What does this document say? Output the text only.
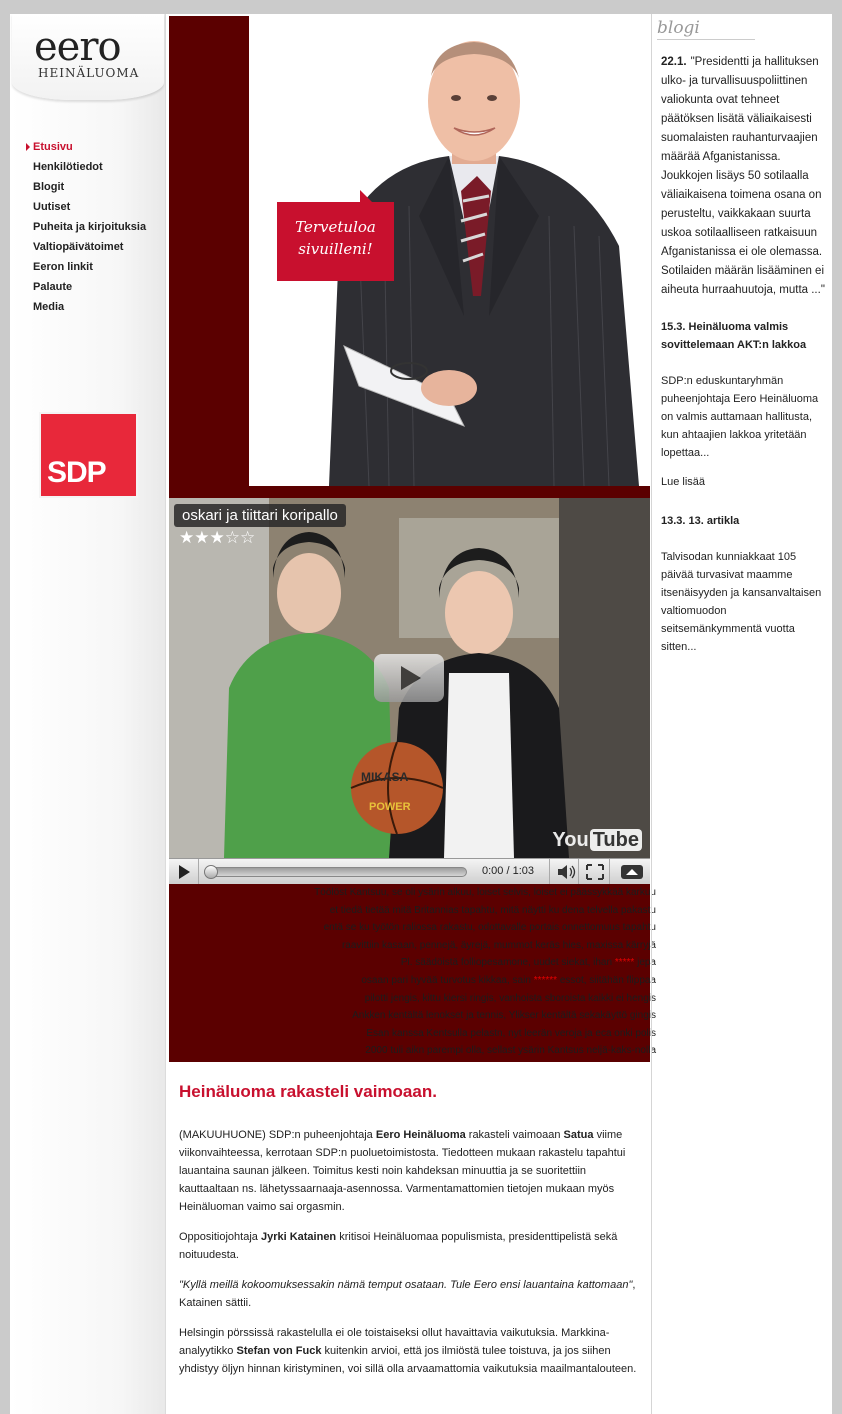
eero
HEINÄLUOMA
Etusivu
Henkilötiedot
Blogit
Uutiset
Puheita ja kirjoituksia
Valtiopäivätoimet
Eeron linkit
Palaute
Media
SDP
Tervetuloa
sivuilleni!
MIKASA
POWER
oskari ja tiittari koripallo
★★★☆☆
You Tube
0:00 / 1:03

Töölöst Kantsuu, se oli ysärin alkuu, loiset selvis, loiset ei päässykkää karkuu

et tiedä tietää mitä Britannias tapahtu, mitä näytti ku dena telvella pakastu

entä se ku työtön raliossa rakastu, odottavalle portais onnettomuus tapahtu

raavittiin kasaan, pennejä, äyrejä, mummot keräs hies, maxissa kärryjä

Pl. säädöistä folliopesamone, uudet siekat, ihan ***** jepa

osaan pari hyvää turvotus kikkaa, sain ****** essot, siitähän flippaa

pilotti jengis, kittu kiersi ringis, vanhoista sboroista kaikki ei hengis

Ankken kentältä lenokset ja tennis, Ylikser kentältä sekakäyttö gingis

Esan kanssa Kentsulla pelastn, nyt leerän veroja ja eca onki polis

2000 tuli aikn parempi olla, sellast ysärin Kantsus neljä-kaks-nolla

Heinäluoma rakasteli vaimoaan.

(MAKUUHUONE) SDP:n puheenjohtaja Eero Heinäluoma rakasteli vaimoaan Satua viime viikonvaihteessa, kerrotaan SDP:n puoluetoimistosta. Tiedotteen mukaan rakastelu tapahtui lauantaina saunan jälkeen. Toimitus kesti noin kahdeksan minuuttia ja se suoritettiin kauttaaltaan ns. lähetyssaarnaaja-asennossa. Varmentamattomien tietojen mukaan myös Heinäluoman vaimo sai orgasmin.

Oppositiojohtaja Jyrki Katainen kritisoi Heinäluomaa populismista, presidenttipelistä sekä noituudesta.

"Kyllä meillä kokoomuksessakin nämä temput osataan. Tule Eero ensi lauantaina kattomaan", Katainen sättii.

Helsingin pörssissä rakastelulla ei ole toistaiseksi ollut havaittavia vaikutuksia. Markkina-analyytikko Stefan von Fuck kuitenkin arvioi, että jos ilmiöstä tulee toistuva, ja jos siihen yhdistyy öljyn hinnan kiristyminen, voi sillä olla arvaamattomia vaikutuksia maailmantalouteen.

blogi
22.1. "Presidentti ja hallituksen ulko- ja turvallisuuspoliittinen valiokunta ovat tehneet päätöksen lisätä väliaikaisesti suomalaisten rauhanturvaajien määrää Afganistanissa. Joukkojen lisäys 50 sotilaalla väliaikaisena toimena osana on perusteltu, vaikkakaan suurta uskoa sotilaalliseen ratkaisuun Afganistanissa ei ole olemassa. Sotilaiden määrän lisääminen ei aiheuta hurraahuutoja, mutta ..."
15.3. Heinäluoma valmis sovittelemaan AKT:n lakkoa
SDP:n eduskuntaryhmän puheenjohtaja Eero Heinäluoma on valmis auttamaan hallitusta, kun ahtaajien lakkoa yritetään lopettaa...
Lue lisää
13.3. 13. artikla
Talvisodan kunniakkaat 105 päivää turvasivat maamme itsenäisyyden ja kansanvaltaisen valtiomuodon seitsemänkymmentä vuotta sitten...
